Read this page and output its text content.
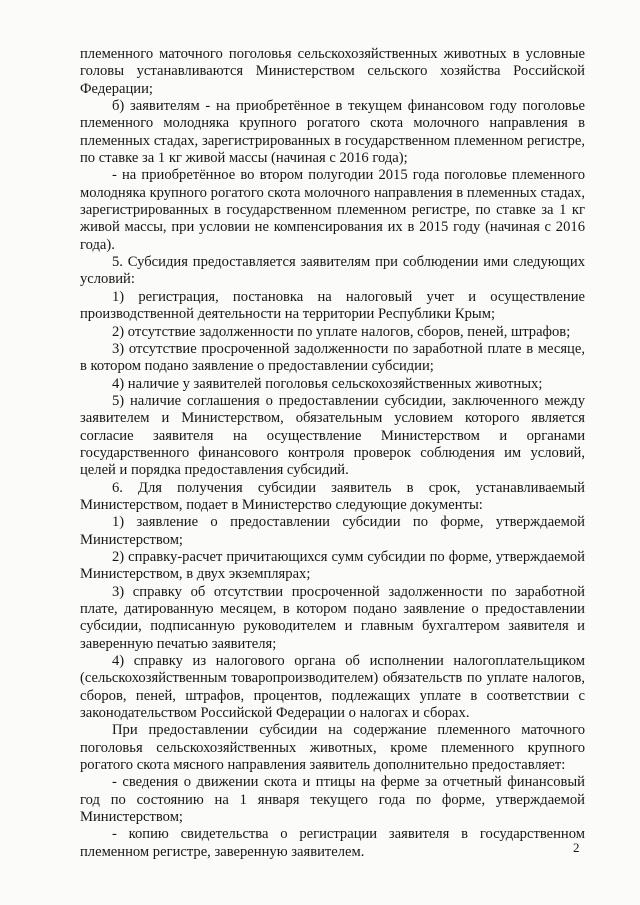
племенного маточного поголовья сельскохозяйственных животных в условные головы устанавливаются Министерством сельского хозяйства Российской Федерации;

б) заявителям - на приобретённое в текущем финансовом году поголовье племенного молодняка крупного рогатого скота молочного направления в племенных стадах, зарегистрированных в государственном племенном регистре, по ставке за 1 кг живой массы (начиная с 2016 года);

- на приобретённое во втором полугодии 2015 года поголовье племенного молодняка крупного рогатого скота молочного направления в племенных стадах, зарегистрированных в государственном племенном регистре, по ставке за 1 кг живой массы, при условии не компенсирования их в 2015 году (начиная с 2016 года).

5. Субсидия предоставляется заявителям при соблюдении ими следующих условий:

1) регистрация, постановка на налоговый учет и осуществление производственной деятельности на территории Республики Крым;

2) отсутствие задолженности по уплате налогов, сборов, пеней, штрафов;

3) отсутствие просроченной задолженности по заработной плате в месяце, в котором подано заявление о предоставлении субсидии;

4) наличие у заявителей поголовья сельскохозяйственных животных;

5) наличие соглашения о предоставлении субсидии, заключенного между заявителем и Министерством, обязательным условием которого является согласие заявителя на осуществление Министерством и органами государственного финансового контроля проверок соблюдения им условий, целей и порядка предоставления субсидий.

6. Для получения субсидии заявитель в срок, устанавливаемый Министерством, подает в Министерство следующие документы:

1) заявление о предоставлении субсидии по форме, утверждаемой Министерством;

2) справку-расчет причитающихся сумм субсидии по форме, утверждаемой Министерством, в двух экземплярах;

3) справку об отсутствии просроченной задолженности по заработной плате, датированную месяцем, в котором подано заявление о предоставлении субсидии, подписанную руководителем и главным бухгалтером заявителя и заверенную печатью заявителя;

4) справку из налогового органа об исполнении налогоплательщиком (сельскохозяйственным товаропроизводителем) обязательств по уплате налогов, сборов, пеней, штрафов, процентов, подлежащих уплате в соответствии с законодательством Российской Федерации о налогах и сборах.

При предоставлении субсидии на содержание племенного маточного поголовья сельскохозяйственных животных, кроме племенного крупного рогатого скота мясного направления заявитель дополнительно предоставляет:

- сведения о движении скота и птицы на ферме за отчетный финансовый год по состоянию на 1 января текущего года по форме, утверждаемой Министерством;

- копию свидетельства о регистрации заявителя в государственном племенном регистре, заверенную заявителем.	2
